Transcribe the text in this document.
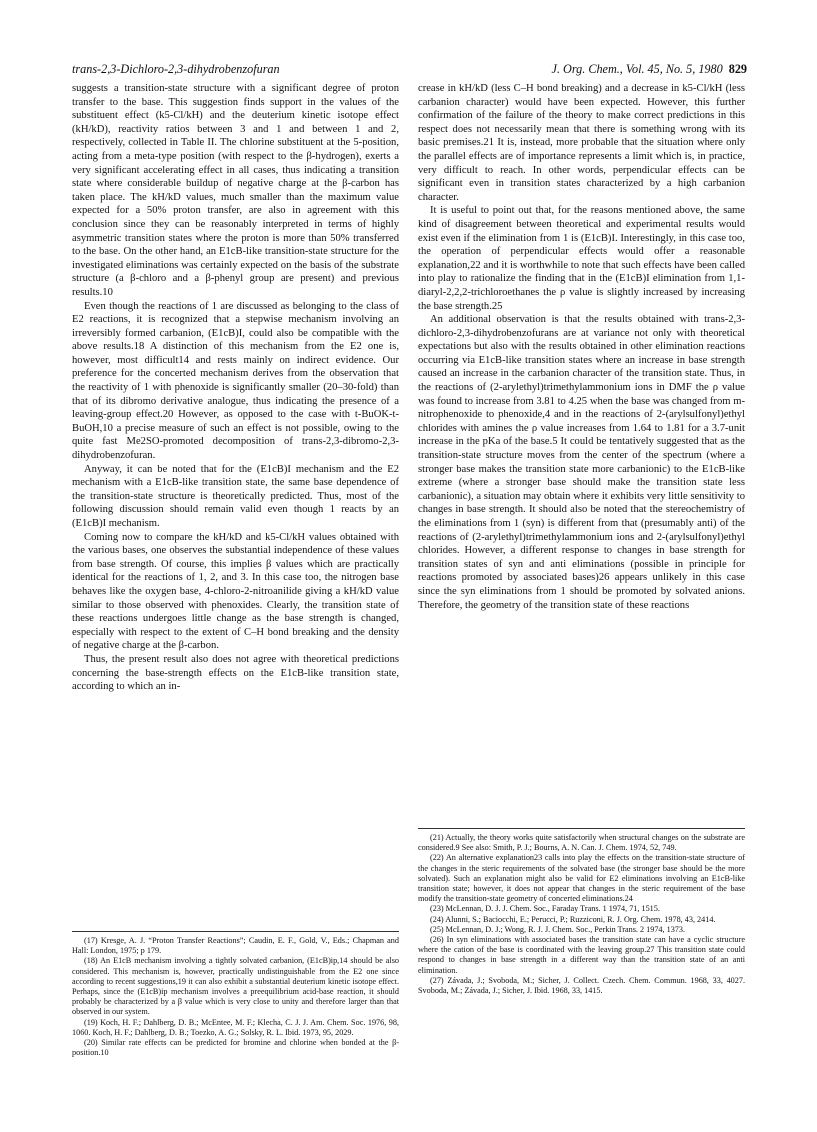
trans-2,3-Dichloro-2,3-dihydrobenzofuran	J. Org. Chem., Vol. 45, No. 5, 1980 829

suggests a transition-state structure with a significant degree of proton transfer to the base. This suggestion finds support in the values of the substituent effect (k5-Cl/kH) and the deuterium kinetic isotope effect (kH/kD), reactivity ratios between 3 and 1 and between 1 and 2, respectively, collected in Table II. The chlorine substituent at the 5-position, acting from a meta-type position (with respect to the β-hydrogen), exerts a very significant accelerating effect in all cases, thus indicating a transition state where considerable buildup of negative charge at the β-carbon has taken place. The kH/kD values, much smaller than the maximum value expected for a 50% proton transfer, are also in agreement with this conclusion since they can be reasonably interpreted in terms of highly asymmetric transition states where the proton is more than 50% transferred to the base. On the other hand, an E1cB-like transition-state structure for the investigated eliminations was certainly expected on the basis of the substrate structure (a β-chloro and a β-phenyl group are present) and previous results.10

Even though the reactions of 1 are discussed as belonging to the class of E2 reactions, it is recognized that a stepwise mechanism involving an irreversibly formed carbanion, (E1cB)I, could also be compatible with the above results.18 A distinction of this mechanism from the E2 one is, however, most difficult14 and rests mainly on indirect evidence. Our preference for the concerted mechanism derives from the observation that the reactivity of 1 with phenoxide is significantly smaller (20–30-fold) than that of its dibromo derivative analogue, thus indicating the presence of a leaving-group effect.20 However, as opposed to the case with t-BuOK-t-BuOH,10 a precise measure of such an effect is not possible, owing to the quite fast Me2SO-promoted decomposition of trans-2,3-dibromo-2,3-dihydrobenzofuran.

Anyway, it can be noted that for the (E1cB)I mechanism and the E2 mechanism with a E1cB-like transition state, the same base dependence of the transition-state structure is theoretically predicted. Thus, most of the following discussion should remain valid even though 1 reacts by an (E1cB)I mechanism.

Coming now to compare the kH/kD and k5-Cl/kH values obtained with the various bases, one observes the substantial independence of these values from base strength. Of course, this implies β values which are practically identical for the reactions of 1, 2, and 3. In this case too, the nitrogen base behaves like the oxygen base, 4-chloro-2-nitroanilide giving a kH/kD value similar to those observed with phenoxides. Clearly, the transition state of these reactions undergoes little change as the base strength is changed, especially with respect to the extent of C–H bond breaking and the density of negative charge at the β-carbon.

Thus, the present result also does not agree with theoretical predictions concerning the base-strength effects on the E1cB-like transition state, according to which an in-

(17) Kresge, A. J. “Proton Transfer Reactions”; Caudin, E. F., Gold, V., Eds.; Chapman and Hall: London, 1975; p 179.

(18) An E1cB mechanism involving a tightly solvated carbanion, (E1cB)ip,14 should be also considered. This mechanism is, however, practically undistinguishable from the E2 one since according to recent suggestions,19 it can also exhibit a substantial deuterium kinetic isotope effect. Perhaps, since the (E1cB)ip mechanism involves a preequilibrium acid-base reaction, it should probably be characterized by a β value which is very close to unity and therefore larger than that observed in our system.

(19) Koch, H. F.; Dahlberg, D. B.; McEntee, M. F.; Klecha, C. J. J. Am. Chem. Soc. 1976, 98, 1060. Koch, H. F.; Dahlberg, D. B.; Toezko, A. G.; Solsky, R. L. Ibid. 1973, 95, 2029.

(20) Similar rate effects can be predicted for bromine and chlorine when bonded at the β-position.10

crease in kH/kD (less C–H bond breaking) and a decrease in k5-Cl/kH (less carbanion character) would have been expected. However, this further confirmation of the failure of the theory to make correct predictions in this respect does not necessarily mean that there is something wrong with its basic premises.21 It is, instead, more probable that the situation where only the parallel effects are of importance represents a limit which is, in practice, very difficult to reach. In other words, perpendicular effects can be significant even in transition states characterized by a high carbanion character.

It is useful to point out that, for the reasons mentioned above, the same kind of disagreement between theoretical and experimental results would exist even if the elimination from 1 is (E1cB)I. Interestingly, in this case too, the operation of perpendicular effects would offer a reasonable explanation,22 and it is worthwhile to note that such effects have been called into play to rationalize the finding that in the (E1cB)I elimination from 1,1-diaryl-2,2,2-trichloroethanes the ρ value is slightly increased by increasing the base strength.25

An additional observation is that the results obtained with trans-2,3-dichloro-2,3-dihydrobenzofurans are at variance not only with theoretical expectations but also with the results obtained in other elimination reactions occurring via E1cB-like transition states where an increase in base strength caused an increase in the carbanion character of the transition state. Thus, in the reactions of (2-arylethyl)trimethylammonium ions in DMF the ρ value was found to increase from 3.81 to 4.25 when the base was changed from m-nitrophenoxide to phenoxide,4 and in the reactions of 2-(arylsulfonyl)ethyl chlorides with amines the ρ value increases from 1.64 to 1.81 for a 3.7-unit increase in the pKa of the base.5 It could be tentatively suggested that as the transition-state structure moves from the center of the spectrum (where a stronger base makes the transition state more carbanionic) to the E1cB-like extreme (where a stronger base should make the transition state less carbanionic), a situation may obtain where it exhibits very little sensitivity to changes in base strength. It should also be noted that the stereochemistry of the eliminations from 1 (syn) is different from that (presumably anti) of the reactions of (2-arylethyl)trimethylammonium ions and 2-(arylsulfonyl)ethyl chlorides. However, a different response to changes in base strength for transition states of syn and anti eliminations (possible in principle for reactions promoted by associated bases)26 appears unlikely in this case since the syn eliminations from 1 should be promoted by solvated anions. Therefore, the geometry of the transition state of these reactions

(21) Actually, the theory works quite satisfactorily when structural changes on the substrate are considered.9 See also: Smith, P. J.; Bourns, A. N. Can. J. Chem. 1974, 52, 749.

(22) An alternative explanation23 calls into play the effects on the transition-state structure of the changes in the steric requirements of the solvated base (the stronger base should be the more solvated). Such an explanation might also be valid for E2 eliminations involving an E1cB-like transition state; however, it does not appear that changes in the steric requirement of the base modify the transition-state geometry of concerted eliminations.24

(23) McLennan, D. J. J. Chem. Soc., Faraday Trans. 1 1974, 71, 1515.

(24) Alunni, S.; Baciocchi, E.; Perucci, P.; Ruzziconi, R. J. Org. Chem. 1978, 43, 2414.

(25) McLennan, D. J.; Wong, R. J. J. Chem. Soc., Perkin Trans. 2 1974, 1373.

(26) In syn eliminations with associated bases the transition state can have a cyclic structure where the cation of the base is coordinated with the leaving group.27 This transition state could respond to changes in base strength in a different way than the transition state of an anti elimination.

(27) Závada, J.; Svoboda, M.; Sicher, J. Collect. Czech. Chem. Commun. 1968, 33, 4027. Svoboda, M.; Závada, J.; Sicher, J. Ibid. 1968, 33, 1415.
